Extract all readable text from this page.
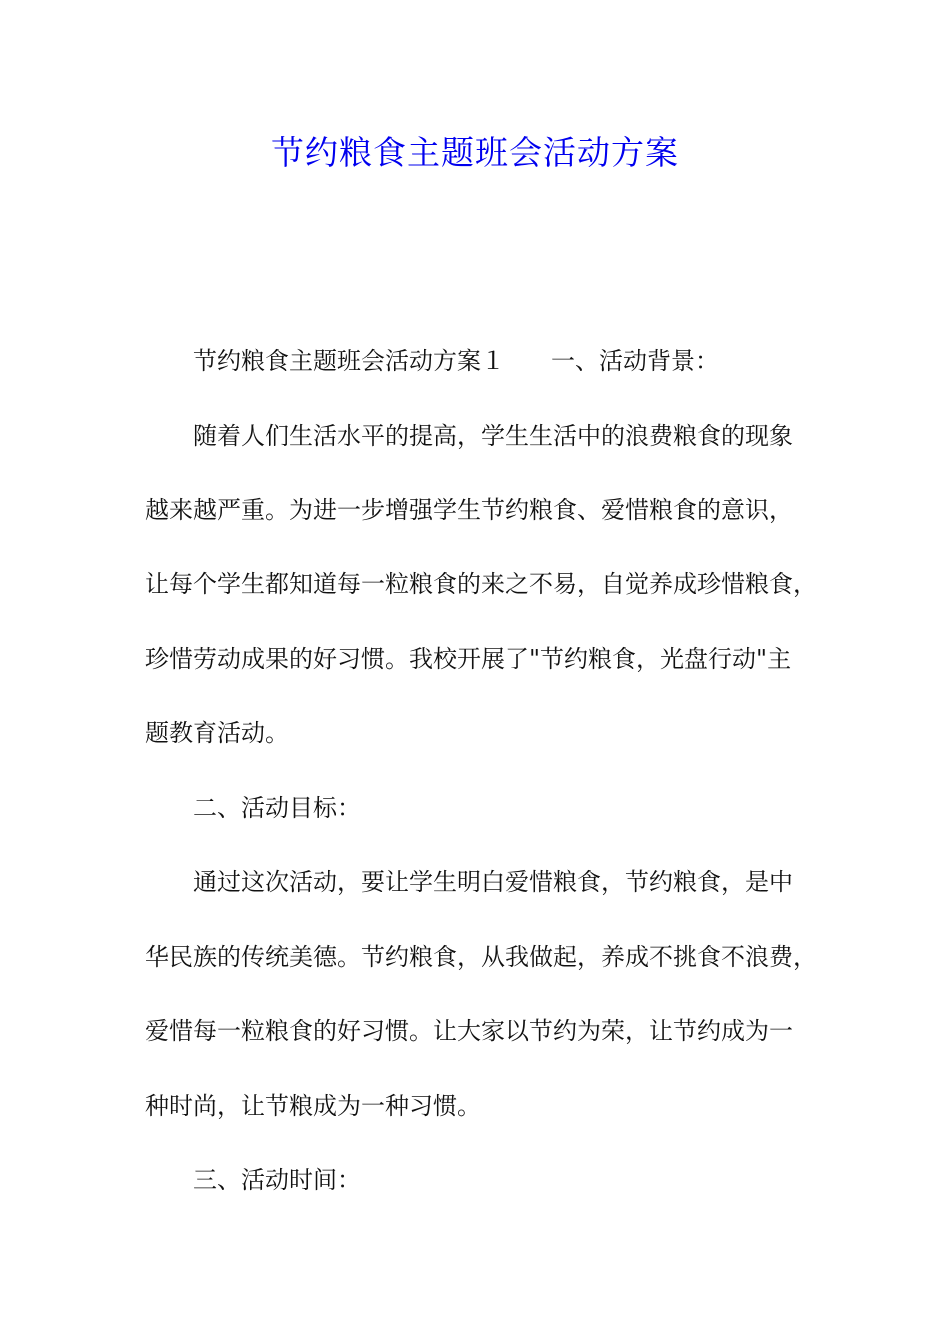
节约粮食主题班会活动方案
节约粮食主题班会活动方案１ 一、活动背景：
随着人们生活水平的提高，学生生活中的浪费粮食的现象
越来越严重。为进一步增强学生节约粮食、爱惜粮食的意识，
让每个学生都知道每一粒粮食的来之不易，自觉养成珍惜粮食，
珍惜劳动成果的好习惯。我校开展了"节约粮食，光盘行动"主
题教育活动。
二、活动目标：
通过这次活动，要让学生明白爱惜粮食，节约粮食，是中
华民族的传统美德。节约粮食，从我做起，养成不挑食不浪费，
爱惜每一粒粮食的好习惯。让大家以节约为荣，让节约成为一
种时尚，让节粮成为一种习惯。
三、活动时间：
